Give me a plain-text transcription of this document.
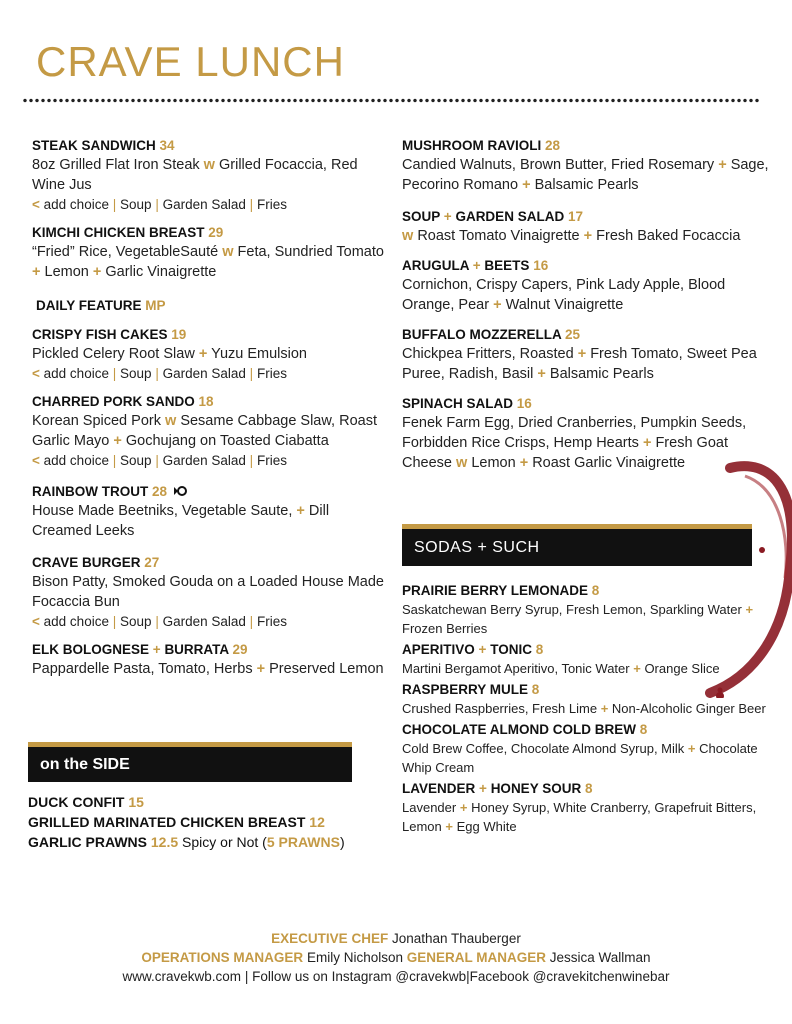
CRAVE LUNCH
STEAK SANDWICH 34
8oz Grilled Flat Iron Steak w Grilled Focaccia, Red Wine Jus
< add choice | Soup | Garden Salad | Fries
KIMCHI CHICKEN BREAST 29
“Fried” Rice, VegetableSauté w Feta, Sundried Tomato + Lemon + Garlic Vinaigrette
DAILY FEATURE MP
CRISPY FISH CAKES 19
Pickled Celery Root Slaw + Yuzu Emulsion
< add choice | Soup | Garden Salad | Fries
CHARRED PORK SANDO 18
Korean Spiced Pork w Sesame Cabbage Slaw, Roast Garlic Mayo + Gochujang on Toasted Ciabatta
< add choice | Soup | Garden Salad | Fries
RAINBOW TROUT 28
House Made Beetniks, Vegetable Saute, + Dill Creamed Leeks
CRAVE BURGER 27
Bison Patty, Smoked Gouda on a Loaded House Made Focaccia Bun
< add choice | Soup | Garden Salad | Fries
ELK BOLOGNESE + BURRATA 29
Pappardelle Pasta, Tomato, Herbs + Preserved Lemon
MUSHROOM RAVIOLI 28
Candied Walnuts, Brown Butter, Fried Rosemary + Sage, Pecorino Romano + Balsamic Pearls
SOUP + GARDEN SALAD 17
w Roast Tomato Vinaigrette + Fresh Baked Focaccia
ARUGULA + BEETS 16
Cornichon, Crispy Capers, Pink Lady Apple, Blood Orange, Pear + Walnut Vinaigrette
BUFFALO MOZZERELLA 25
Chickpea Fritters, Roasted + Fresh Tomato, Sweet Pea Puree, Radish, Basil + Balsamic Pearls
SPINACH SALAD 16
Fenek Farm Egg, Dried Cranberries, Pumpkin Seeds, Forbidden Rice Crisps, Hemp Hearts + Fresh Goat Cheese w Lemon + Roast Garlic Vinaigrette
SODAS + SUCH
PRAIRIE BERRY LEMONADE 8
Saskatchewan Berry Syrup, Fresh Lemon, Sparkling Water + Frozen Berries
APERITIVO + TONIC 8
Martini Bergamot Aperitivo, Tonic Water + Orange Slice
RASPBERRY MULE 8
Crushed Raspberries, Fresh Lime + Non-Alcoholic Ginger Beer
CHOCOLATE ALMOND COLD BREW 8
Cold Brew Coffee, Chocolate Almond Syrup, Milk + Chocolate Whip Cream
LAVENDER + HONEY SOUR 8
Lavender + Honey Syrup, White Cranberry, Grapefruit Bitters, Lemon + Egg White
on the SIDE
DUCK CONFIT 15
GRILLED MARINATED CHICKEN BREAST 12
GARLIC PRAWNS 12.5 Spicy or Not (5 PRAWNS)
EXECUTIVE CHEF Jonathan Thauberger
OPERATIONS MANAGER Emily Nicholson GENERAL MANAGER Jessica Wallman
www.cravekwb.com | Follow us on Instagram @cravekwb|Facebook @cravekitchenwinebar
